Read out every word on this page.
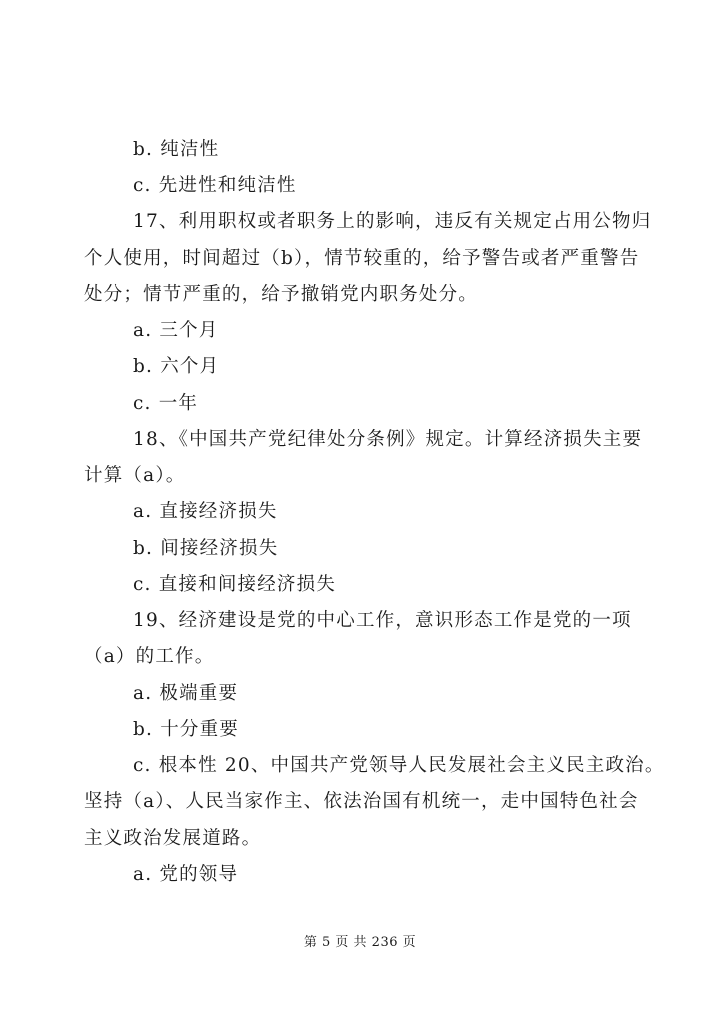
b. 纯洁性
c. 先进性和纯洁性
17、利用职权或者职务上的影响，违反有关规定占用公物归
个人使用，时间超过（b），情节较重的，给予警告或者严重警告
处分；情节严重的，给予撤销党内职务处分。
a. 三个月
b. 六个月
c. 一年
18、《中国共产党纪律处分条例》规定。计算经济损失主要
计算（a）。
a. 直接经济损失
b. 间接经济损失
c. 直接和间接经济损失
19、经济建设是党的中心工作，意识形态工作是党的一项
（a）的工作。
a. 极端重要
b. 十分重要
c. 根本性 20、中国共产党领导人民发展社会主义民主政治。
坚持（a）、人民当家作主、依法治国有机统一，走中国特色社会
主义政治发展道路。
a. 党的领导
第 5 页 共 236 页
